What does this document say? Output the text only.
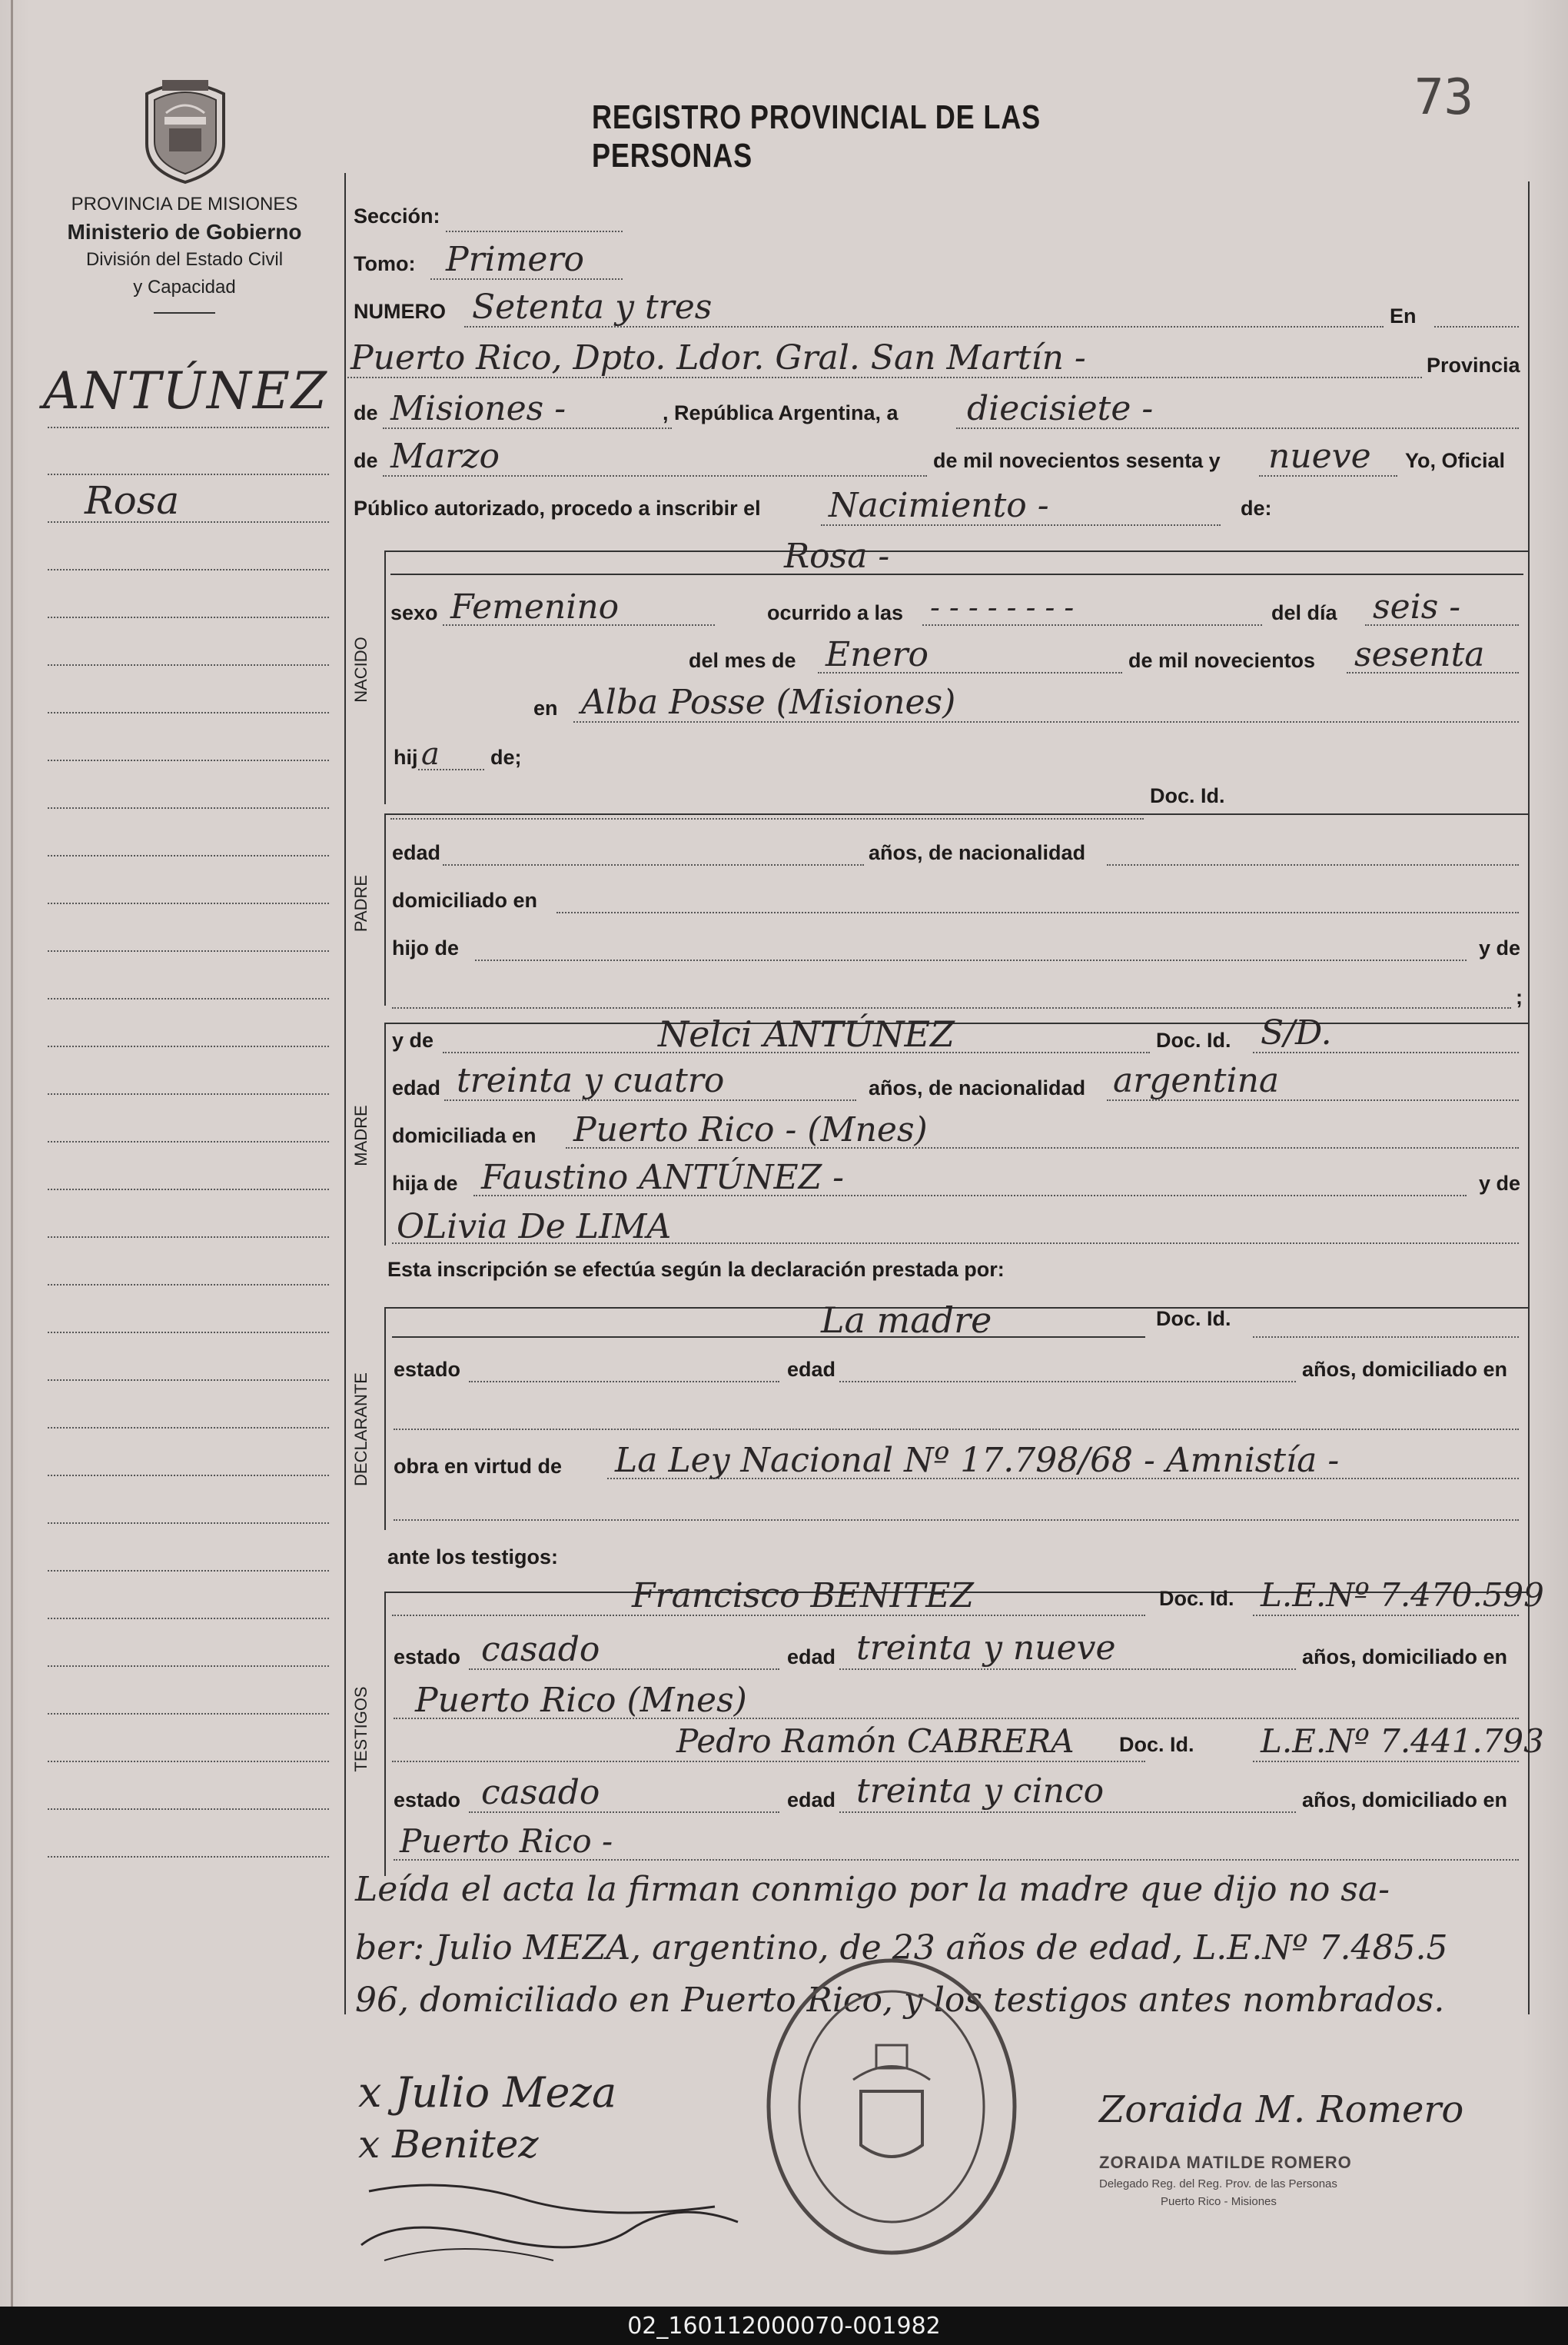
PROVINCIA DE MISIONES
Ministerio de Gobierno
División del Estado Civil
y Capacidad
REGISTRO PROVINCIAL DE LAS PERSONAS
73
ANTÚNEZ
Rosa
Sección:
Tomo: Primero
NUMERO Setenta y tres	En
Puerto Rico, Dpto. Ldor. Gral. San Martín -	Provincia
de Misiones -	, República Argentina, a diecisiete -
de Marzo	de mil novecientos sesenta y nueve Yo, Oficial
Público autorizado, procedo a inscribir el Nacimiento -	de:
NACIDO
Rosa -
sexo Femenino	ocurrido a las - - - - - - - -	del día seis -
del mes de Enero	de mil novecientos sesenta
en Alba Posse (Misiones)
hij a de;
Doc. Id.
PADRE
edad	años, de nacionalidad
domiciliado en
hijo de	y de
;
MADRE
y de	Nelci ANTÚNEZ	Doc. Id. S/D.
edad treinta y cuatro	años, de nacionalidad argentina
domiciliada en Puerto Rico - (Mnes)
hija de Faustino ANTÚNEZ -	y de
OLivia De LIMA
Esta inscripción se efectúa según la declaración prestada por:
DECLARANTE
La madre	Doc. Id.
estado	edad	años, domiciliado en
obra en virtud de La Ley Nacional Nº 17.798/68 - Amnistía -
ante los testigos:
TESTIGOS
Francisco BENITEZ	Doc. Id. L.E.Nº 7.470.599
estado casado	edad treinta y nueve	años, domiciliado en
Puerto Rico (Mnes)
Pedro Ramón CABRERA Doc. Id. L.E.Nº 7.441.793
estado casado	edad treinta y cinco	años, domiciliado en
Puerto Rico -
Leída el acta la firman conmigo por la madre que dijo no sa-
ber: Julio MEZA, argentino, de 23 años de edad, L.E.Nº 7.485.5
96, domiciliado en Puerto Rico, y los testigos antes nombrados.
x Julio Meza
x Benitez
Zoraida M. Romero
ZORAIDA MATILDE ROMERO
Delegado Reg. del Reg. Prov. de las Personas
Puerto Rico - Misiones
02_160112000070-001982
